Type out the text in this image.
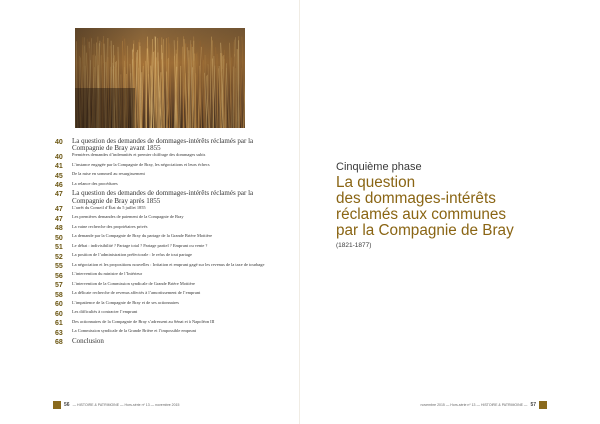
40	La question des demandes de dommages-intérêts réclamés par la Compagnie de Bray avant 1855
40	Premières demandes d’indemnités et premier chiffrage des dommages subis
41	L’instance engagée par la Compagnie de Bray, les négociations et leurs échecs
45	De la mise en sommeil au resurgissement
46	La relance des procédures
47	La question des demandes de dommages-intérêts réclamés par la Compagnie de Bray après 1855
47	L’arrêt du Conseil d’État du 5 juillet 1855
47	Les premières demandes de paiement de la Compagnie de Bray
48	La vaine recherche des propriétaires privés
50	La demande par la Compagnie de Bray du partage de la Grande Brière Mottière
51	Le débat : indivisibilité ? Partage total ? Partage partiel ? Emprunt ou vente ?
52	La position de l’administration préfectorale : le refus de tout partage
55	La négociation et les propositions nouvelles : Irritation et emprunt gagé sur les revenus de la taxe de tourbage
56	L’intervention du ministre de l’Intérieur
57	L’intervention de la Commission syndicale de Grande Brière Mottière
58	La délicate recherche de revenus affectés à l’amortissement de l’emprunt
60	L’impatience de la Compagnie de Bray et de ses actionnaires
60	Les difficultés à contracter l’emprunt
61	Des actionnaires de la Compagnie de Bray s’adressent au Sénat et à Napoléon III
63	La Commission syndicale de la Grande Brière et l’impossible emprunt
68	Conclusion
56 — HISTOIRE & PATRIMOINE — Hors-série nº 13 — novembre 2015
Cinquième phase
La question
des dommages-intérêts
réclamés aux communes
par la Compagnie de Bray
(1821-1877)
novembre 2015 — Hors-série nº 13 — HISTOIRE & PATRIMOINE — 57
